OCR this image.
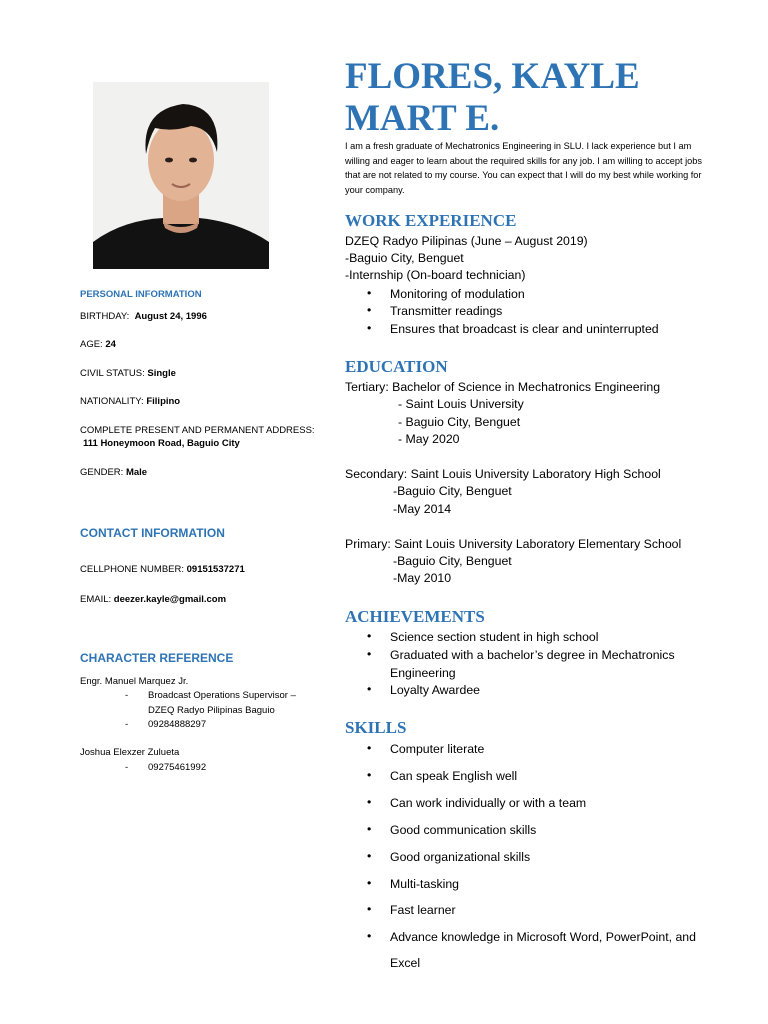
PERSONAL INFORMATION
BIRTHDAY: August 24, 1996
AGE: 24
CIVIL STATUS: Single
NATIONALITY: Filipino
COMPLETE PRESENT AND PERMANENT ADDRESS:
111 Honeymoon Road, Baguio City
GENDER: Male
CONTACT INFORMATION
CELLPHONE NUMBER: 09151537271
EMAIL: deezer.kayle@gmail.com
CHARACTER REFERENCE
Engr. Manuel Marquez Jr.
- Broadcast Operations Supervisor –
DZEQ Radyo Pilipinas Baguio
- 09284888297
Joshua Elexzer Zulueta
- 09275461992
FLORES, KAYLE MART E.

I am a fresh graduate of Mechatronics Engineering in SLU. I lack experience but I am willing and eager to learn about the required skills for any job. I am willing to accept jobs that are not related to my course. You can expect that I will do my best while working for your company.

WORK EXPERIENCE
DZEQ Radyo Pilipinas (June – August 2019)
-Baguio City, Benguet
-Internship (On-board technician)
• Monitoring of modulation
• Transmitter readings
• Ensures that broadcast is clear and uninterrupted
EDUCATION
Tertiary: Bachelor of Science in Mechatronics Engineering
- Saint Louis University
- Baguio City, Benguet
- May 2020
Secondary: Saint Louis University Laboratory High School
-Baguio City, Benguet
-May 2014
Primary: Saint Louis University Laboratory Elementary School
-Baguio City, Benguet
-May 2010
ACHIEVEMENTS
• Science section student in high school
• Graduated with a bachelor’s degree in Mechatronics Engineering
• Loyalty Awardee
SKILLS
• Computer literate
• Can speak English well
• Can work individually or with a team
• Good communication skills
• Good organizational skills
• Multi-tasking
• Fast learner
• Advance knowledge in Microsoft Word, PowerPoint, and Excel
